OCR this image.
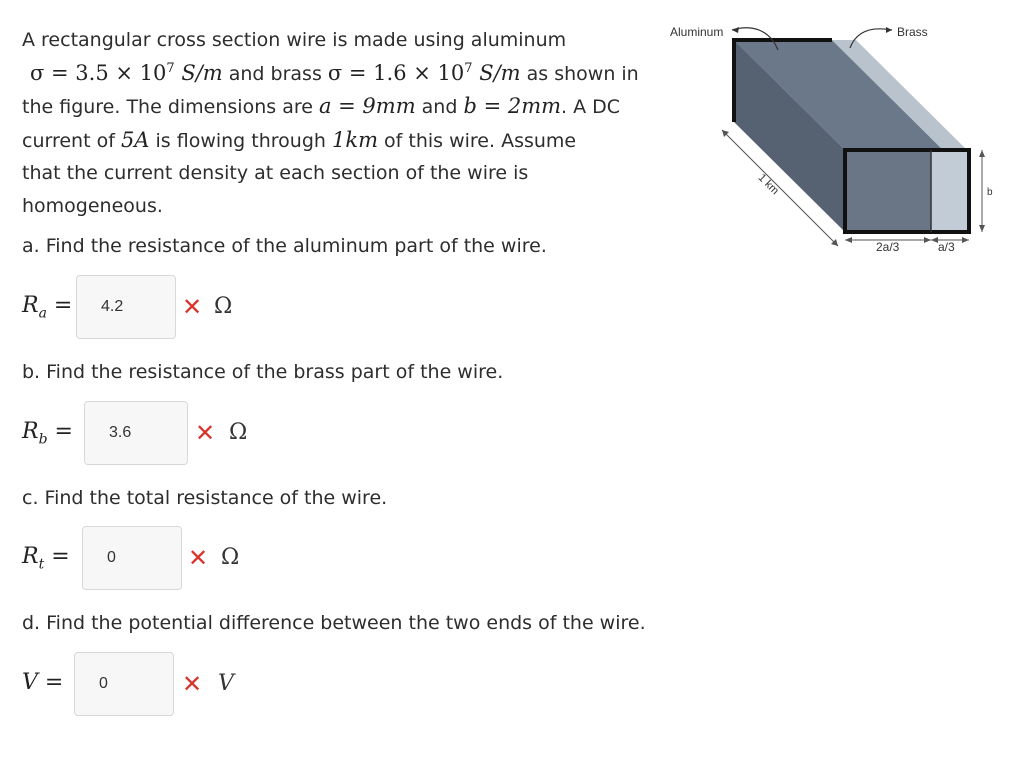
A rectangular cross section wire is made using aluminum
$\sigma = 3.5 \times 10^7$ S/m and brass $\sigma = 1.6 \times 10^7$ S/m as shown in
the figure. The dimensions are a = 9mm and b = 2mm. A DC
current of 5A is flowing through 1km of this wire. Assume
that the current density at each section of the wire is
homogeneous.
Aluminum	Brass
1 km
2a/3	a/3
b
a. Find the resistance of the aluminum part of the wire.
$R_a$ =	4.2	✕ Ω
b. Find the resistance of the brass part of the wire.
$R_b$ =	3.6	✕ Ω
c. Find the total resistance of the wire.
$R_t$ =	0	✕ Ω
d. Find the potential difference between the two ends of the wire.
V =	0	✕ V
